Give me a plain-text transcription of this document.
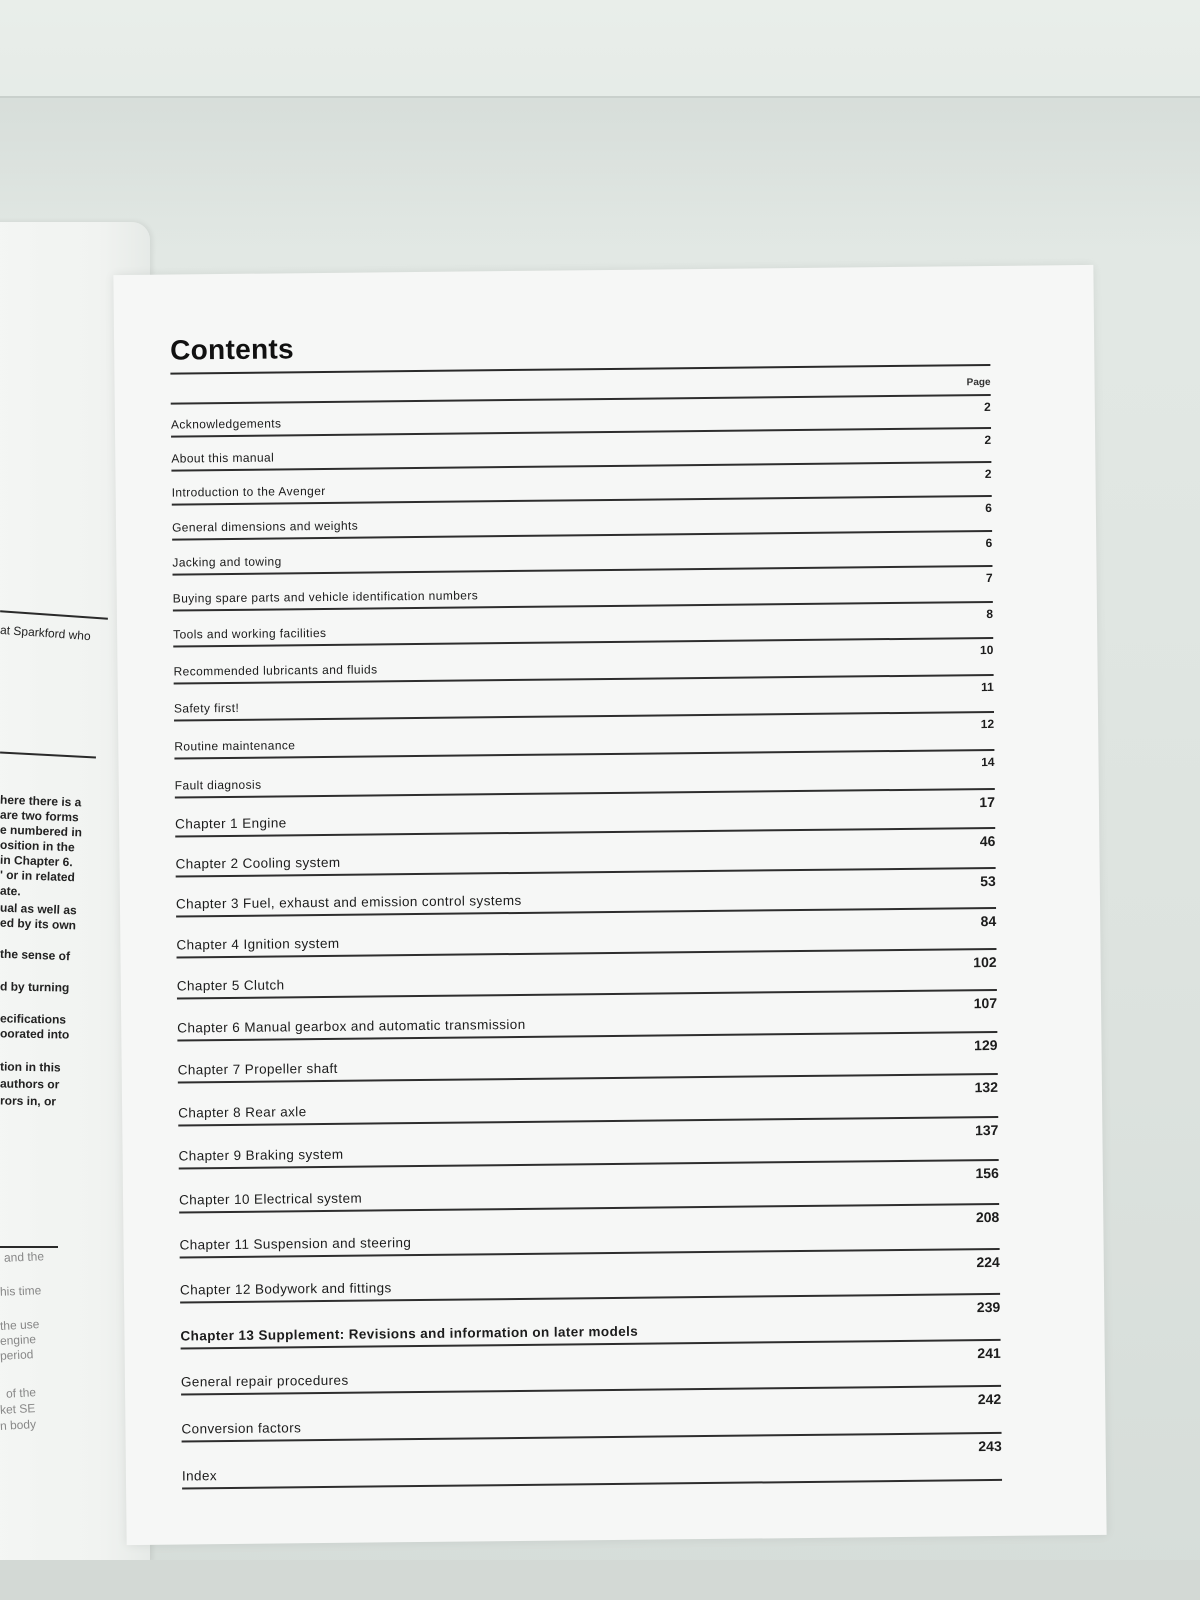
at Sparkford who
here there is a
are two forms
e numbered in
osition in the
in Chapter 6.
' or in related
ate.
ual as well as
ed by its own
the sense of
d by turning
ecifications
oorated into
tion in this
authors or
rors in, or
and the
his time
the use
engine
period
of the
ket SE
n body
Contents
Page
Acknowledgements
2
About this manual
2
Introduction to the Avenger
2
General dimensions and weights
6
Jacking and towing
6
Buying spare parts and vehicle identification numbers
7
Tools and working facilities
8
Recommended lubricants and fluids
10
Safety first!
11
Routine maintenance
12
Fault diagnosis
14
Chapter 1 Engine
17
Chapter 2 Cooling system
46
Chapter 3 Fuel, exhaust and emission control systems
53
Chapter 4 Ignition system
84
Chapter 5 Clutch
102
Chapter 6 Manual gearbox and automatic transmission
107
Chapter 7 Propeller shaft
129
Chapter 8 Rear axle
132
Chapter 9 Braking system
137
Chapter 10 Electrical system
156
Chapter 11 Suspension and steering
208
Chapter 12 Bodywork and fittings
224
Chapter 13 Supplement: Revisions and information on later models
239
General repair procedures
241
Conversion factors
242
Index
243
